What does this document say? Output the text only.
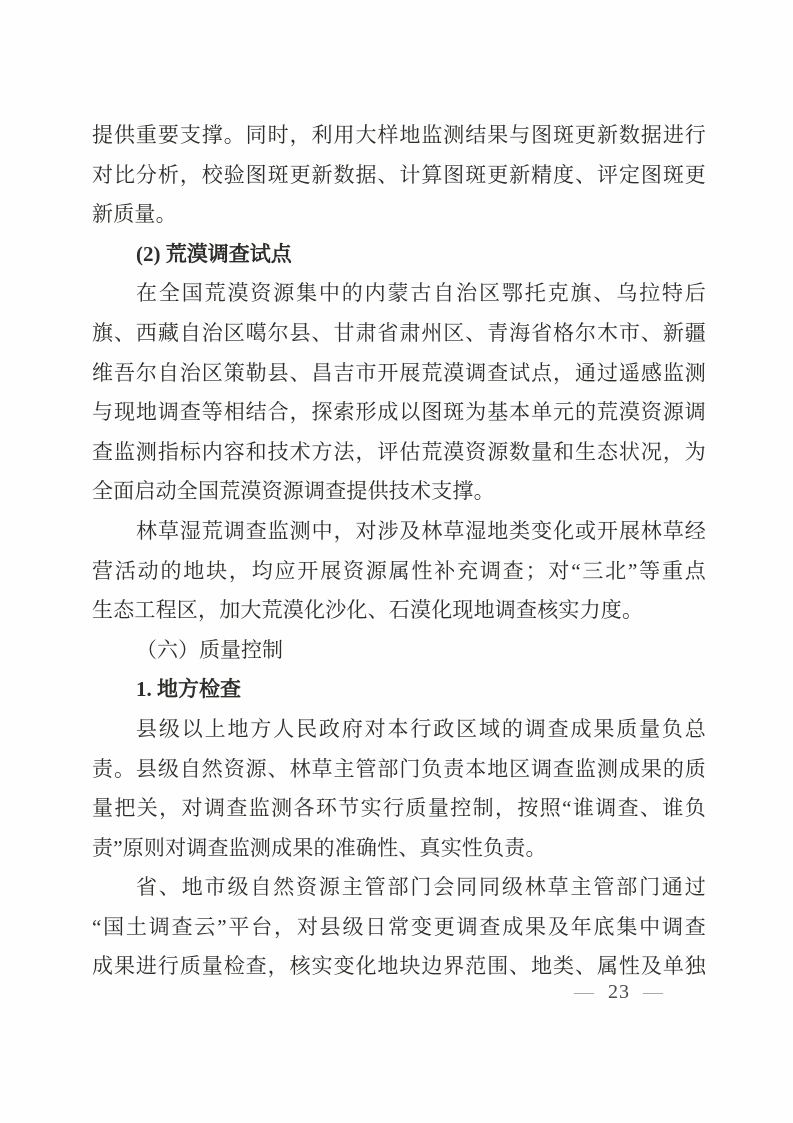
提供重要支撑。同时，利用大样地监测结果与图斑更新数据进行
对比分析，校验图斑更新数据、计算图斑更新精度、评定图斑更
新质量。
(2) 荒漠调查试点
在全国荒漠资源集中的内蒙古自治区鄂托克旗、乌拉特后
旗、西藏自治区噶尔县、甘肃省肃州区、青海省格尔木市、新疆
维吾尔自治区策勒县、昌吉市开展荒漠调查试点，通过遥感监测
与现地调查等相结合，探索形成以图斑为基本单元的荒漠资源调
查监测指标内容和技术方法，评估荒漠资源数量和生态状况，为
全面启动全国荒漠资源调查提供技术支撑。
林草湿荒调查监测中，对涉及林草湿地类变化或开展林草经
营活动的地块，均应开展资源属性补充调查；对“三北”等重点
生态工程区，加大荒漠化沙化、石漠化现地调查核实力度。
（六）质量控制
1. 地方检查
县级以上地方人民政府对本行政区域的调查成果质量负总
责。县级自然资源、林草主管部门负责本地区调查监测成果的质
量把关，对调查监测各环节实行质量控制，按照“谁调查、谁负
责”原则对调查监测成果的准确性、真实性负责。
省、地市级自然资源主管部门会同同级林草主管部门通过
“国土调查云”平台，对县级日常变更调查成果及年底集中调查
成果进行质量检查，核实变化地块边界范围、地类、属性及单独
— 23 —
